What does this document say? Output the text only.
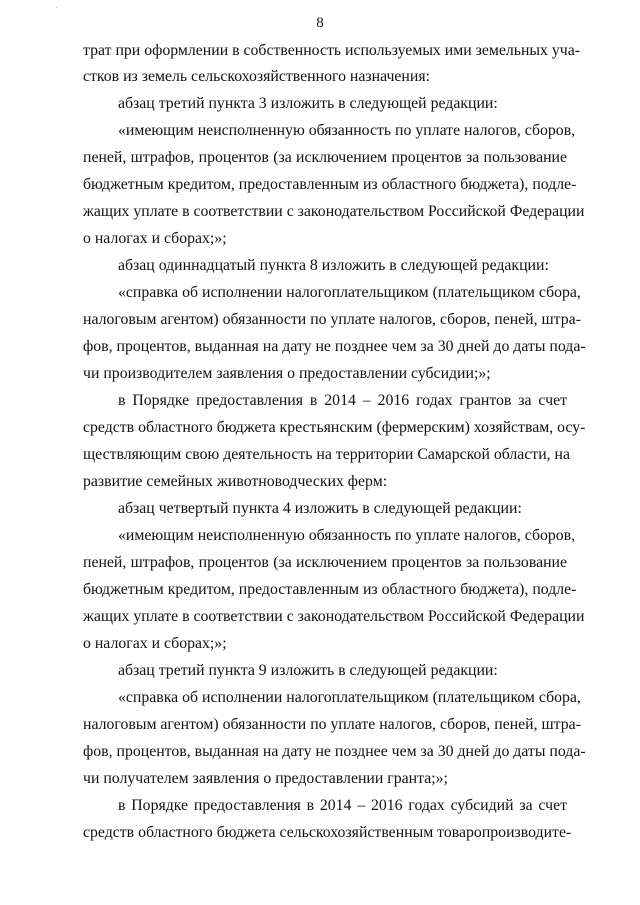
.
8
трат при оформлении в собственность используемых ими земельных уча-
стков из земель сельскохозяйственного назначения:
абзац третий пункта 3 изложить в следующей редакции:
«имеющим неисполненную обязанность по уплате налогов, сборов,
пеней, штрафов, процентов (за исключением процентов за пользование
бюджетным кредитом, предоставленным из областного бюджета), подле-
жащих уплате в соответствии с законодательством Российской Федерации
о налогах и сборах;»;
абзац одиннадцатый пункта 8 изложить в следующей редакции:
«справка об исполнении налогоплательщиком (плательщиком сбора,
налоговым агентом) обязанности по уплате налогов, сборов, пеней, штра-
фов, процентов, выданная на дату не позднее чем за 30 дней до даты пода-
чи производителем заявления о предоставлении субсидии;»;
в Порядке предоставления в 2014 – 2016 годах грантов за счет
средств областного бюджета крестьянским (фермерским) хозяйствам, осу-
ществляющим свою деятельность на территории Самарской области, на
развитие семейных животноводческих ферм:
абзац четвертый пункта 4 изложить в следующей редакции:
«имеющим неисполненную обязанность по уплате налогов, сборов,
пеней, штрафов, процентов (за исключением процентов за пользование
бюджетным кредитом, предоставленным из областного бюджета), подле-
жащих уплате в соответствии с законодательством Российской Федерации
о налогах и сборах;»;
абзац третий пункта 9 изложить в следующей редакции:
«справка об исполнении налогоплательщиком (плательщиком сбора,
налоговым агентом) обязанности по уплате налогов, сборов, пеней, штра-
фов, процентов, выданная на дату не позднее чем за 30 дней до даты пода-
чи получателем заявления о предоставлении гранта;»;
в Порядке предоставления в 2014 – 2016 годах субсидий за счет
средств областного бюджета сельскохозяйственным товаропроизводите-
